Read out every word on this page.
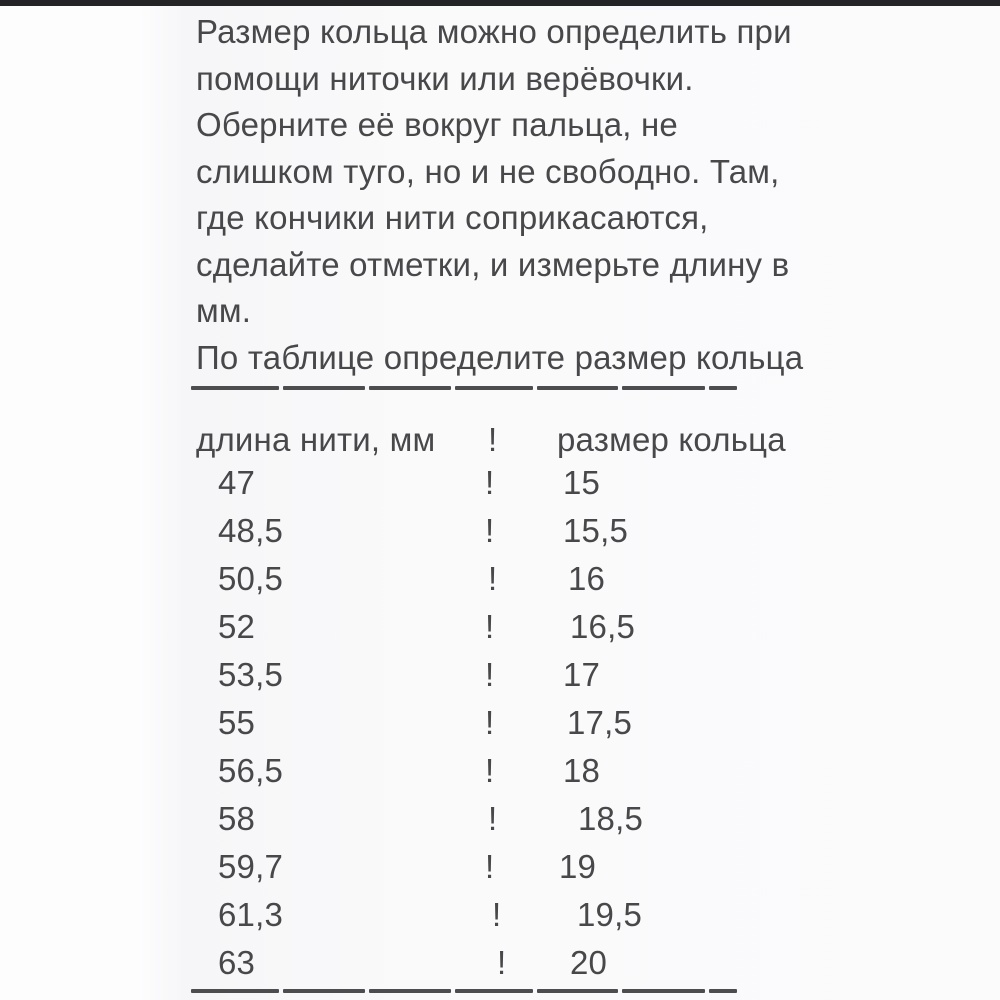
Размер кольца можно определить при
помощи ниточки или верёвочки.
Оберните её вокруг пальца, не
слишком туго, но и не свободно. Там,
где кончики нити соприкасаются,
сделайте отметки, и измерьте длину в
мм.
По таблице определите размер кольца
длина нити, мм ! размер кольца
47	! 15
48,5	! 15,5
50,5	! 16
52	! 16,5
53,5	! 17
55	! 17,5
56,5	! 18
58	! 18,5
59,7	! 19
61,3	! 19,5
63	! 20
